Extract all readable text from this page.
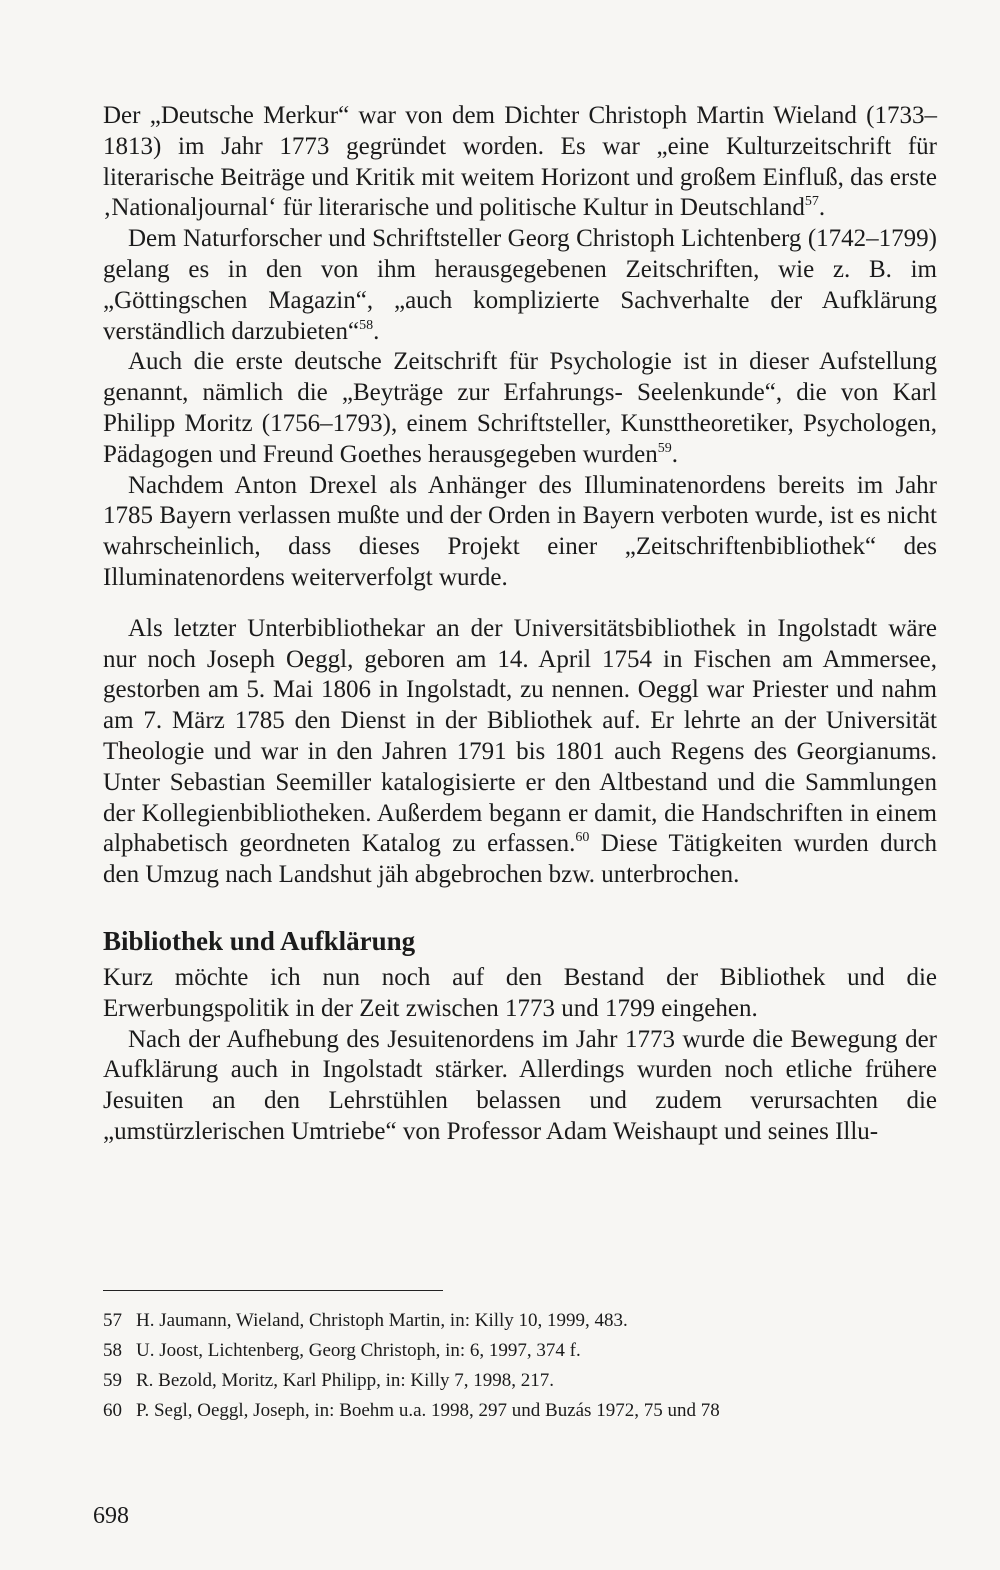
Der „Deutsche Merkur“ war von dem Dichter Christoph Martin Wieland (1733–1813) im Jahr 1773 gegründet worden. Es war „eine Kulturzeitschrift für literarische Beiträge und Kritik mit weitem Horizont und großem Einfluß, das erste ‚Nationaljournal‘ für literarische und politische Kultur in Deutschland$^{57}$.

Dem Naturforscher und Schriftsteller Georg Christoph Lichtenberg (1742–1799) gelang es in den von ihm herausgegebenen Zeitschriften, wie z. B. im „Göttingschen Magazin“, „auch komplizierte Sachverhalte der Aufklärung verständlich darzubieten“$^{58}$.

Auch die erste deutsche Zeitschrift für Psychologie ist in dieser Aufstellung genannt, nämlich die „Beyträge zur Erfahrungs- Seelenkunde“, die von Karl Philipp Moritz (1756–1793), einem Schriftsteller, Kunsttheoretiker, Psychologen, Pädagogen und Freund Goethes herausgegeben wurden$^{59}$.

Nachdem Anton Drexel als Anhänger des Illuminatenordens bereits im Jahr 1785 Bayern verlassen mußte und der Orden in Bayern verboten wurde, ist es nicht wahrscheinlich, dass dieses Projekt einer „Zeitschriftenbibliothek“ des Illuminatenordens weiterverfolgt wurde.

Als letzter Unterbibliothekar an der Universitätsbibliothek in Ingolstadt wäre nur noch Joseph Oeggl, geboren am 14. April 1754 in Fischen am Ammersee, gestorben am 5. Mai 1806 in Ingolstadt, zu nennen. Oeggl war Priester und nahm am 7. März 1785 den Dienst in der Bibliothek auf. Er lehrte an der Universität Theologie und war in den Jahren 1791 bis 1801 auch Regens des Georgianums. Unter Sebastian Seemiller katalogisierte er den Altbestand und die Sammlungen der Kollegienbibliotheken. Außerdem begann er damit, die Handschriften in einem alphabetisch geordneten Katalog zu erfassen.$^{60}$ Diese Tätigkeiten wurden durch den Umzug nach Landshut jäh abgebrochen bzw. unterbrochen.

Bibliothek und Aufklärung

Kurz möchte ich nun noch auf den Bestand der Bibliothek und die Erwerbungspolitik in der Zeit zwischen 1773 und 1799 eingehen.

Nach der Aufhebung des Jesuitenordens im Jahr 1773 wurde die Bewegung der Aufklärung auch in Ingolstadt stärker. Allerdings wurden noch etliche frühere Jesuiten an den Lehrstühlen belassen und zudem verursachten die „umstürzlerischen Umtriebe“ von Professor Adam Weishaupt und seines Illu-

57 H. Jaumann, Wieland, Christoph Martin, in: Killy 10, 1999, 483.
58 U. Joost, Lichtenberg, Georg Christoph, in: 6, 1997, 374 f.
59 R. Bezold, Moritz, Karl Philipp, in: Killy 7, 1998, 217.
60 P. Segl, Oeggl, Joseph, in: Boehm u.a. 1998, 297 und Buzás 1972, 75 und 78
698
